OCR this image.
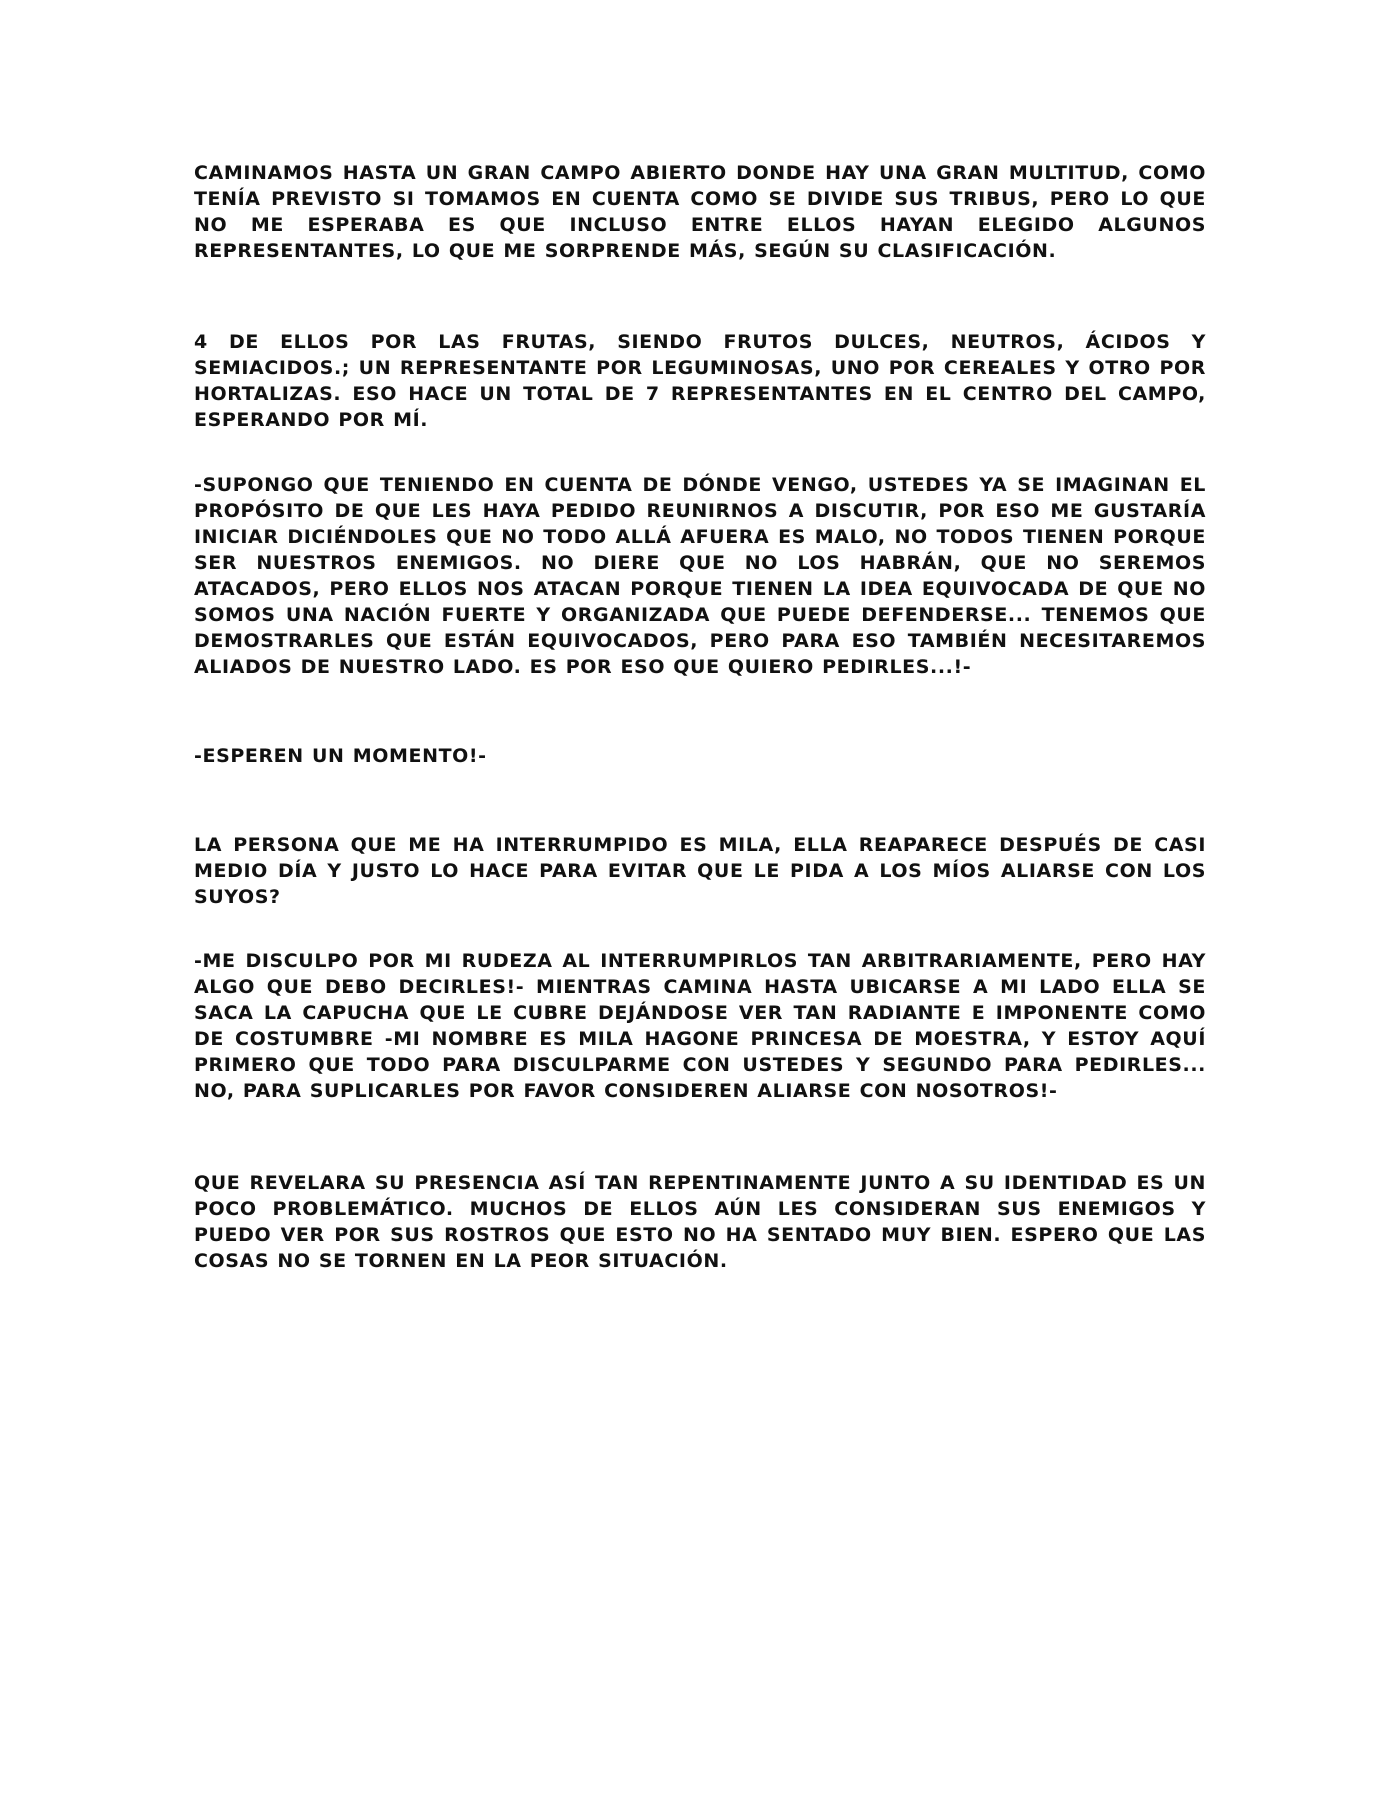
CAMINAMOS HASTA UN GRAN CAMPO ABIERTO DONDE HAY UNA GRAN MULTITUD, COMO TENÍA PREVISTO SI TOMAMOS EN CUENTA COMO SE DIVIDE SUS TRIBUS, PERO LO QUE NO ME ESPERABA ES QUE INCLUSO ENTRE ELLOS HAYAN ELEGIDO ALGUNOS REPRESENTANTES, LO QUE ME SORPRENDE MÁS, SEGÚN SU CLASIFICACIÓN.

4 DE ELLOS POR LAS FRUTAS, SIENDO FRUTOS DULCES, NEUTROS, ÁCIDOS Y SEMIACIDOS.; UN REPRESENTANTE POR LEGUMINOSAS, UNO POR CEREALES Y OTRO POR HORTALIZAS. ESO HACE UN TOTAL DE 7 REPRESENTANTES EN EL CENTRO DEL CAMPO, ESPERANDO POR MÍ.

-SUPONGO QUE TENIENDO EN CUENTA DE DÓNDE VENGO, USTEDES YA SE IMAGINAN EL PROPÓSITO DE QUE LES HAYA PEDIDO REUNIRNOS A DISCUTIR, POR ESO ME GUSTARÍA INICIAR DICIÉNDOLES QUE NO TODO ALLÁ AFUERA ES MALO, NO TODOS TIENEN PORQUE SER NUESTROS ENEMIGOS. NO DIERE QUE NO LOS HABRÁN, QUE NO SEREMOS ATACADOS, PERO ELLOS NOS ATACAN PORQUE TIENEN LA IDEA EQUIVOCADA DE QUE NO SOMOS UNA NACIÓN FUERTE Y ORGANIZADA QUE PUEDE DEFENDERSE... TENEMOS QUE DEMOSTRARLES QUE ESTÁN EQUIVOCADOS, PERO PARA ESO TAMBIÉN NECESITAREMOS ALIADOS DE NUESTRO LADO. ES POR ESO QUE QUIERO PEDIRLES...!-

-ESPEREN UN MOMENTO!-

LA PERSONA QUE ME HA INTERRUMPIDO ES MILA, ELLA REAPARECE DESPUÉS DE CASI MEDIO DÍA Y JUSTO LO HACE PARA EVITAR QUE LE PIDA A LOS MÍOS ALIARSE CON LOS SUYOS?

-ME DISCULPO POR MI RUDEZA AL INTERRUMPIRLOS TAN ARBITRARIAMENTE, PERO HAY ALGO QUE DEBO DECIRLES!- MIENTRAS CAMINA HASTA UBICARSE A MI LADO ELLA SE SACA LA CAPUCHA QUE LE CUBRE DEJÁNDOSE VER TAN RADIANTE E IMPONENTE COMO DE COSTUMBRE -MI NOMBRE ES MILA HAGONE PRINCESA DE MOESTRA, Y ESTOY AQUÍ PRIMERO QUE TODO PARA DISCULPARME CON USTEDES Y SEGUNDO PARA PEDIRLES... NO, PARA SUPLICARLES POR FAVOR CONSIDEREN ALIARSE CON NOSOTROS!-

QUE REVELARA SU PRESENCIA ASÍ TAN REPENTINAMENTE JUNTO A SU IDENTIDAD ES UN POCO PROBLEMÁTICO. MUCHOS DE ELLOS AÚN LES CONSIDERAN SUS ENEMIGOS Y PUEDO VER POR SUS ROSTROS QUE ESTO NO HA SENTADO MUY BIEN. ESPERO QUE LAS COSAS NO SE TORNEN EN LA PEOR SITUACIÓN.
